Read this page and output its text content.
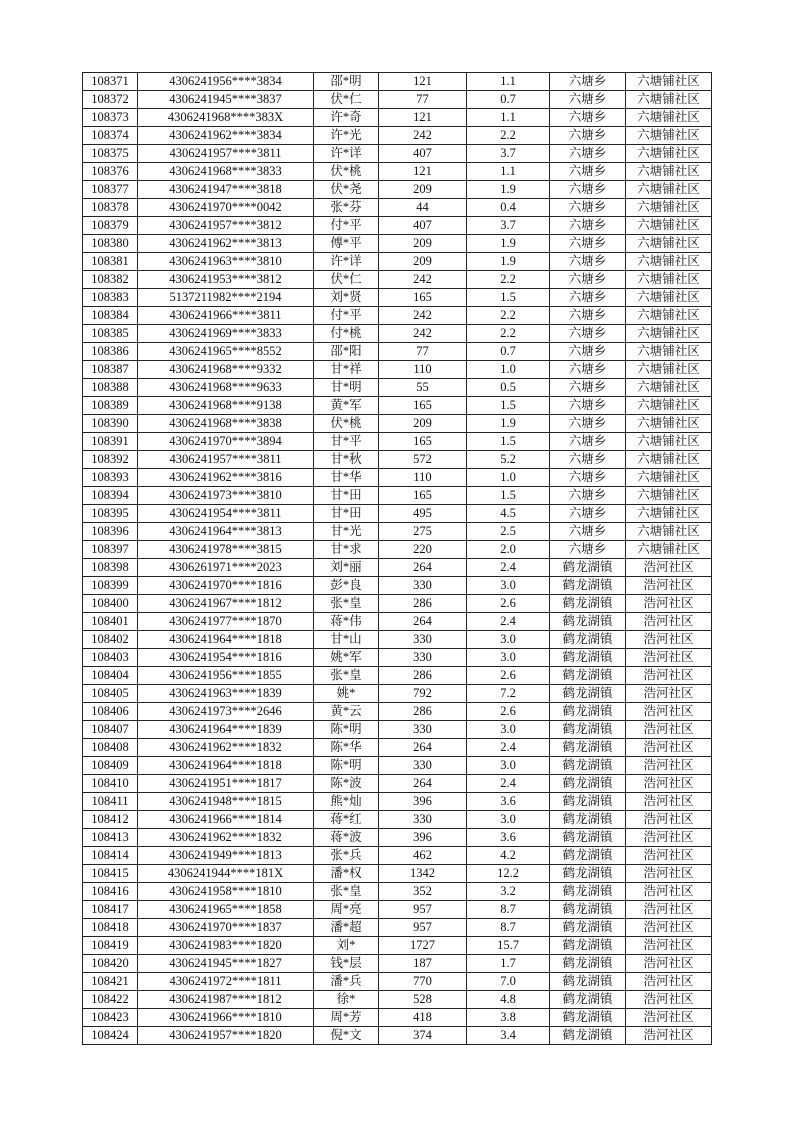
108371	4306241956****3834	邵*明	121	1.1	六塘乡	六塘铺社区
108372	4306241945****3837	伏*仁	77	0.7	六塘乡	六塘铺社区
108373	4306241968****383X	许*奇	121	1.1	六塘乡	六塘铺社区
108374	4306241962****3834	许*光	242	2.2	六塘乡	六塘铺社区
108375	4306241957****3811	许*详	407	3.7	六塘乡	六塘铺社区
108376	4306241968****3833	伏*桃	121	1.1	六塘乡	六塘铺社区
108377	4306241947****3818	伏*尧	209	1.9	六塘乡	六塘铺社区
108378	4306241970****0042	张*芬	44	0.4	六塘乡	六塘铺社区
108379	4306241957****3812	付*平	407	3.7	六塘乡	六塘铺社区
108380	4306241962****3813	傅*平	209	1.9	六塘乡	六塘铺社区
108381	4306241963****3810	许*详	209	1.9	六塘乡	六塘铺社区
108382	4306241953****3812	伏*仁	242	2.2	六塘乡	六塘铺社区
108383	5137211982****2194	刘*贤	165	1.5	六塘乡	六塘铺社区
108384	4306241966****3811	付*平	242	2.2	六塘乡	六塘铺社区
108385	4306241969****3833	付*桃	242	2.2	六塘乡	六塘铺社区
108386	4306241965****8552	邵*阳	77	0.7	六塘乡	六塘铺社区
108387	4306241968****9332	甘*祥	110	1.0	六塘乡	六塘铺社区
108388	4306241968****9633	甘*明	55	0.5	六塘乡	六塘铺社区
108389	4306241968****9138	黄*军	165	1.5	六塘乡	六塘铺社区
108390	4306241968****3838	伏*桃	209	1.9	六塘乡	六塘铺社区
108391	4306241970****3894	甘*平	165	1.5	六塘乡	六塘铺社区
108392	4306241957****3811	甘*秋	572	5.2	六塘乡	六塘铺社区
108393	4306241962****3816	甘*华	110	1.0	六塘乡	六塘铺社区
108394	4306241973****3810	甘*田	165	1.5	六塘乡	六塘铺社区
108395	4306241954****3811	甘*田	495	4.5	六塘乡	六塘铺社区
108396	4306241964****3813	甘*光	275	2.5	六塘乡	六塘铺社区
108397	4306241978****3815	甘*求	220	2.0	六塘乡	六塘铺社区
108398	4306261971****2023	刘*丽	264	2.4	鹤龙湖镇	浩河社区
108399	4306241970****1816	彭*良	330	3.0	鹤龙湖镇	浩河社区
108400	4306241967****1812	张*皇	286	2.6	鹤龙湖镇	浩河社区
108401	4306241977****1870	蒋*伟	264	2.4	鹤龙湖镇	浩河社区
108402	4306241964****1818	甘*山	330	3.0	鹤龙湖镇	浩河社区
108403	4306241954****1816	姚*军	330	3.0	鹤龙湖镇	浩河社区
108404	4306241956****1855	张*皇	286	2.6	鹤龙湖镇	浩河社区
108405	4306241963****1839	姚*	792	7.2	鹤龙湖镇	浩河社区
108406	4306241973****2646	黄*云	286	2.6	鹤龙湖镇	浩河社区
108407	4306241964****1839	陈*明	330	3.0	鹤龙湖镇	浩河社区
108408	4306241962****1832	陈*华	264	2.4	鹤龙湖镇	浩河社区
108409	4306241964****1818	陈*明	330	3.0	鹤龙湖镇	浩河社区
108410	4306241951****1817	陈*波	264	2.4	鹤龙湖镇	浩河社区
108411	4306241948****1815	熊*灿	396	3.6	鹤龙湖镇	浩河社区
108412	4306241966****1814	蒋*红	330	3.0	鹤龙湖镇	浩河社区
108413	4306241962****1832	蒋*波	396	3.6	鹤龙湖镇	浩河社区
108414	4306241949****1813	张*兵	462	4.2	鹤龙湖镇	浩河社区
108415	4306241944****181X	潘*权	1342	12.2	鹤龙湖镇	浩河社区
108416	4306241958****1810	张*皇	352	3.2	鹤龙湖镇	浩河社区
108417	4306241965****1858	周*亮	957	8.7	鹤龙湖镇	浩河社区
108418	4306241970****1837	潘*超	957	8.7	鹤龙湖镇	浩河社区
108419	4306241983****1820	刘*	1727	15.7	鹤龙湖镇	浩河社区
108420	4306241945****1827	钱*层	187	1.7	鹤龙湖镇	浩河社区
108421	4306241972****1811	潘*兵	770	7.0	鹤龙湖镇	浩河社区
108422	4306241987****1812	徐*	528	4.8	鹤龙湖镇	浩河社区
108423	4306241966****1810	周*芳	418	3.8	鹤龙湖镇	浩河社区
108424	4306241957****1820	倪*文	374	3.4	鹤龙湖镇	浩河社区
